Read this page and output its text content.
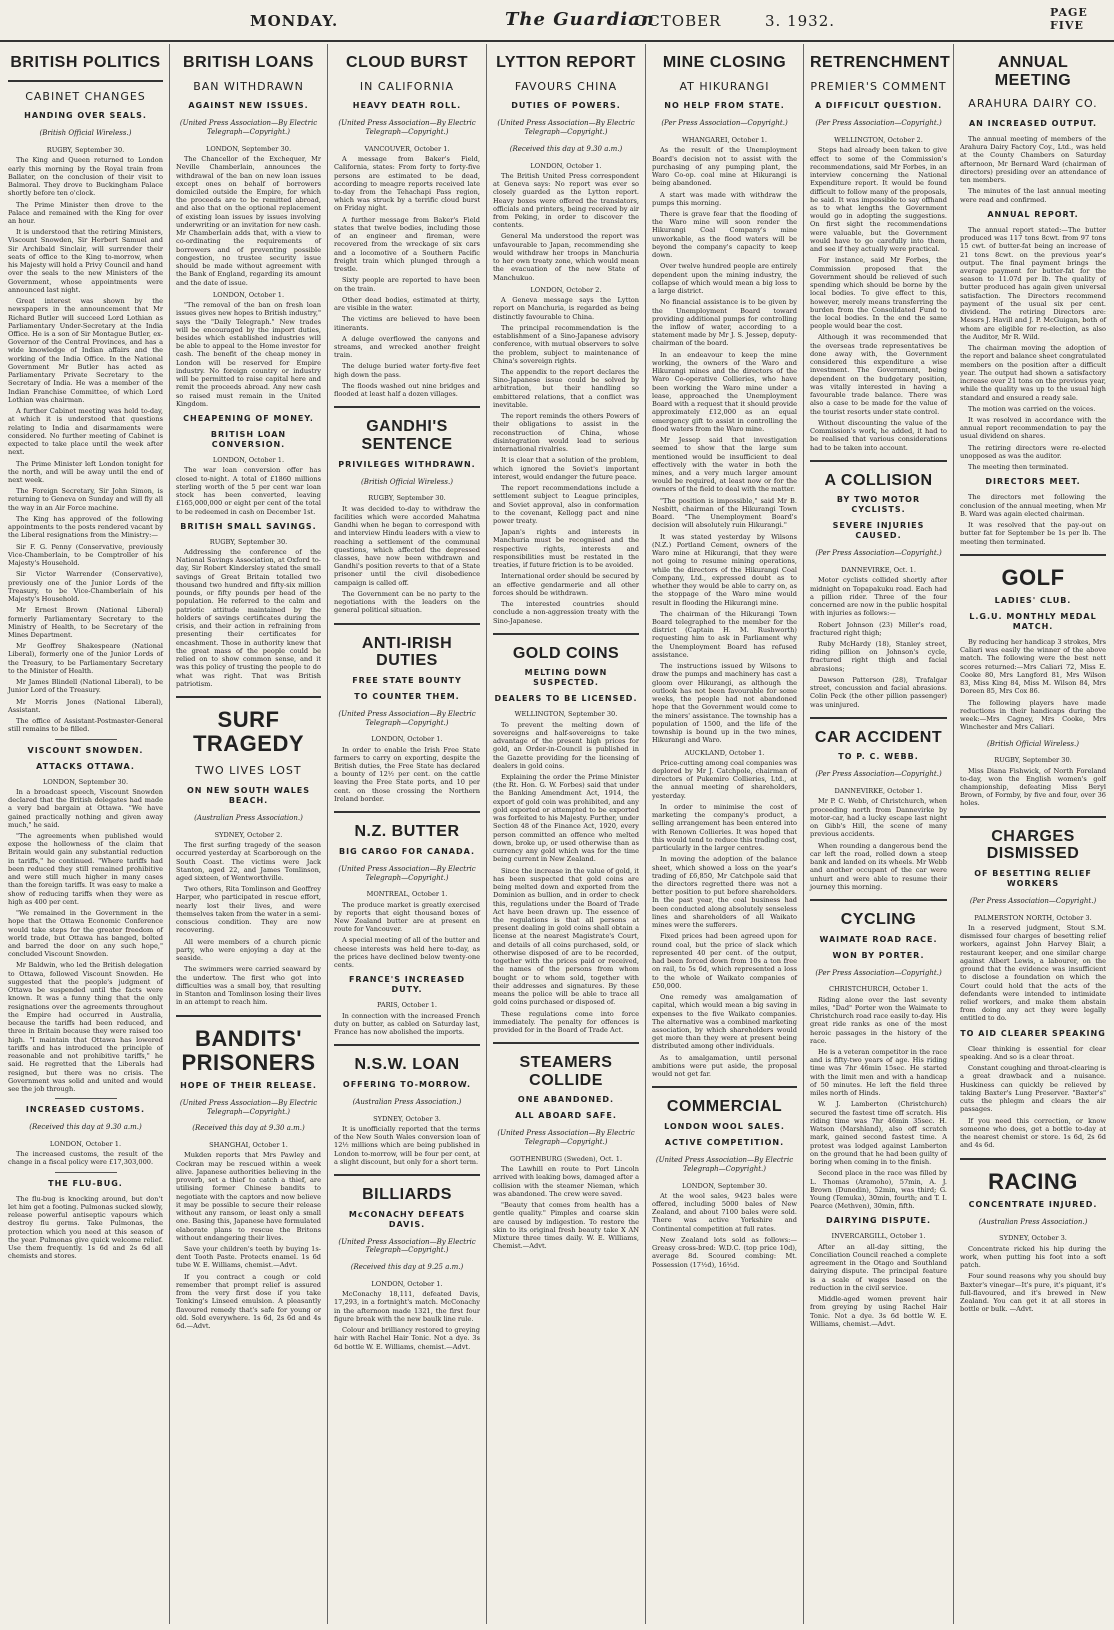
MONDAY.	The Guardian
OCTOBER	3. 1932.	PAGE FIVE
BRITISH POLITICS
CABINET CHANGES
HANDING OVER SEALS.
(British Official Wireless.)
RUGBY, September 30.

The King and Queen returned to London early this morning by the Royal train from Ballater, on the conclusion of their visit to Balmoral. They drove to Buckingham Palace shortly before ten o'clock.

The Prime Minister then drove to the Palace and remained with the King for over an hour.

It is understood that the retiring Ministers, Viscount Snowden, Sir Herbert Samuel and Sir Archibald Sinclair, will surrender their seats of office to the King to-morrow, when his Majesty will hold a Privy Council and hand over the seals to the new Ministers of the Government, whose appointments were announced last night.

Great interest was shown by the newspapers in the announcement that Mr Richard Butler will succeed Lord Lothian as Parliamentary Under-Secretary at the India Office. He is a son of Sir Montague Butler, ex-Governor of the Central Provinces, and has a wide knowledge of Indian affairs and the working of the India Office. In the National Government Mr Butler has acted as Parliamentary Private Secretary to the Secretary of India. He was a member of the Indian Franchise Committee, of which Lord Lothian was chairman.

A further Cabinet meeting was held to-day, at which it is understood that questions relating to India and disarmaments were considered. No further meeting of Cabinet is expected to take place until the week after next.

The Prime Minister left London tonight for the north, and will be away until the end of next week.

The Foreign Secretary, Sir John Simon, is returning to Geneva on Sunday and will fly all the way in an Air Force machine.

The King has approved of the following appointments to the posts rendered vacant by the Liberal resignations from the Ministry:—

Sir F. G. Penny (Conservative, previously Vice-Chamberlain, to be Comptroller of his Majesty's Household.

Sir Victor Warrender (Conservative), previously one of the Junior Lords of the Treasury, to be Vice-Chamberlain of his Majesty's Household.

Mr Ernest Brown (National Liberal) formerly Parliamentary Secretary to the Ministry of Health, to be Secretary of the Mines Department.

Mr Geoffrey Shakespeare (National Liberal), formerly one of the Junior Lords of the Treasury, to be Parliamentary Secretary to the Minister of Health.

Mr James Blindell (National Liberal), to be Junior Lord of the Treasury.

Mr Morris Jones (National Liberal), Assistant.

The office of Assistant-Postmaster-General still remains to be filled.

VISCOUNT SNOWDEN.
ATTACKS OTTAWA.
LONDON, September 30.

In a broadcast speech, Viscount Snowden declared that the British delegates had made a very bad bargain at Ottawa. "We have gained practically nothing and given away much," he said.

"The agreements when published would expose the hollowness of the claim that Britain would gain any substantial reduction in tariffs," he continued. "Where tariffs had been reduced they still remained prohibitive and were still much higher in many cases than the foreign tariffs. It was easy to make a show of reducing tariffs when they were as high as 400 per cent.

"We remained in the Government in the hope that the Ottawa Economic Conference would take steps for the greater freedom of world trade, but Ottawa has banged, bolted and barred the door on any such hope," concluded Viscount Snowden.

Mr Baldwin, who led the British delegation to Ottawa, followed Viscount Snowden. He suggested that the people's judgment of Ottawa be suspended until the facts were known. It was a funny thing that the only resignations over the agreements throughout the Empire had occurred in Australia, because the tariffs had been reduced, and three in Britain because they were raised too high. "I maintain that Ottawa has lowered tariffs and has introduced the principle of reasonable and not prohibitive tariffs," he said. He regretted that the Liberals had resigned, but there was no crisis. The Government was solid and united and would see the job through.

INCREASED CUSTOMS.
(Received this day at 9.30 a.m.)
LONDON, October 1.

The increased customs, the result of the change in a fiscal policy were £17,303,000.

THE FLU-BUG.

The flu-bug is knocking around, but don't let him get a footing. Pulmonas sucked slowly, release powerful antiseptic vapours which destroy flu germs. Take Pulmonas, the protection which you need at this season of the year. Pulmonas give quick welcome relief. Use them frequently. 1s 6d and 2s 6d all chemists and stores.

BRITISH LOANS
BAN WITHDRAWN
AGAINST NEW ISSUES.
(United Press Association—By Electric Telegraph—Copyright.)
LONDON, September 30.

The Chancellor of the Exchequer, Mr Neville Chamberlain, announces the withdrawal of the ban on new loan issues except ones on behalf of borrowers domiciled outside the Empire, for which the proceeds are to be remitted abroad, and also that on the optional replacement of existing loan issues by issues involving underwriting or an invitation for new cash. Mr Chamberlain adds that, with a view to co-ordinating the requirements of borrowers and of preventing possible congestion, no trustee security issue should be made without agreement with the Bank of England, regarding its amount and the date of issue.

LONDON, October 1.

"The removal of the ban on fresh loan issues gives new hopes to British industry," says the "Daily Telegraph." New trades will be encouraged by the import duties, besides which established industries will be able to appeal to the Home investor for cash. The benefit of the cheap money in London will be reserved for Empire industry. No foreign country or industry will be permitted to raise capital here and remit the proceeds abroad. Any new cash so raised must remain in the United Kingdom.

CHEAPENING OF MONEY.
BRITISH LOAN CONVERSION.
LONDON, October 1.

The war loan conversion offer has closed to-night. A total of £1860 millions sterling worth of the 5 per cent war loan stock has been converted, leaving £165,000,000 or eight per cent of the total to be redeemed in cash on December 1st.

BRITISH SMALL SAVINGS.
RUGBY, September 30.

Addressing the conference of the National Savings Association, at Oxford to-day, Sir Robert Kindersley stated the small savings of Great Britain totalled two thousand two hundred and fifty-six million pounds, or fifty pounds per head of the population. He referred to the calm and patriotic attitude maintained by the holders of savings certificates during the crisis, and their action in refraining from presenting their certificates for encashment. Those in authority knew that the great mass of the people could be relied on to show common sense, and it was this policy of trusting the people to do what was right. That was British patriotism.

SURF TRAGEDY
TWO LIVES LOST
ON NEW SOUTH WALES BEACH.
(Australian Press Association.)
SYDNEY, October 2.

The first surfing tragedy of the season occurred yesterday at Scarborough on the South Coast. The victims were Jack Stanton, aged 22, and James Tomlinson, aged sixteen, of Wentworthville.

Two others, Rita Tomlinson and Geoffrey Harper, who participated in rescue effort, nearly lost their lives, and were themselves taken from the water in a semi-conscious condition. They are now recovering.

All were members of a church picnic party, who were enjoying a day at the seaside.

The swimmers were carried seaward by the undertow. The first who got into difficulties was a small boy, that resulting in Stanton and Tomlinson losing their lives in an attempt to reach him.

BANDITS' PRISONERS
HOPE OF THEIR RELEASE.
(United Press Association—By Electric Telegraph—Copyright.)
(Received this day at 9.30 a.m.)
SHANGHAI, October 1.

Mukden reports that Mrs Pawley and Cockran may be rescued within a week alive. Japanese authorities believing in the proverb, set a thief to catch a thief, are utilising former Chinese bandits to negotiate with the captors and now believe it may be possible to secure their release without any ransom, or least only a small one. Basing this, Japanese have formulated elaborate plans to rescue the Britons without endangering their lives.

Save your children's teeth by buying 1s-dent Tooth Paste. Protects enamel. 1s 6d tube W. E. Williams, chemist.—Advt.

If you contract a cough or cold remember that prompt relief is assured from the very first dose if you take Tonking's Linseed emulsion. A pleasantly flavoured remedy that's safe for young or old. Sold everywhere. 1s 6d, 2s 6d and 4s 6d.—Advt.

CLOUD BURST
IN CALIFORNIA
HEAVY DEATH ROLL.
(United Press Association—By Electric Telegraph—Copyright.)
VANCOUVER, October 1.

A message from Baker's Field, California, states: From forty to forty-five persons are estimated to be dead, according to meagre reports received late to-day from the Tehachapi Pass region, which was struck by a terrific cloud burst on Friday night.

A further message from Baker's Field states that twelve bodies, including those of an engineer and fireman, were recovered from the wreckage of six cars and a locomotive of a Southern Pacific freight train which plunged through a trestle.

Sixty people are reported to have been on the train.

Other dead bodies, estimated at thirty, are visible in the water.

The victims are believed to have been itinerants.

A deluge overflowed the canyons and streams, and wrecked another freight train.

The deluge buried water forty-five feet high down the pass.

The floods washed out nine bridges and flooded at least half a dozen villages.

GANDHI'S SENTENCE
PRIVILEGES WITHDRAWN.
(British Official Wireless.)
RUGBY, September 30.

It was decided to-day to withdraw the facilities which were accorded Mahatma Gandhi when he began to correspond with and interview Hindu leaders with a view to reaching a settlement of the communal questions, which affected the depressed classes, have now been withdrawn and Gandhi's position reverts to that of a State prisoner until the civil disobedience campaign is called off.

The Government can be no party to the negotiations with the leaders on the general political situation.

ANTI-IRISH DUTIES
FREE STATE BOUNTY
TO COUNTER THEM.
(United Press Association—By Electric Telegraph—Copyright.)
LONDON, October 1.

In order to enable the Irish Free State farmers to carry on exporting, despite the British duties, the Free State has declared a bounty of 12½ per cent. on the cattle leaving the Free State ports, and 10 per cent. on those crossing the Northern Ireland border.

N.Z. BUTTER
BIG CARGO FOR CANADA.
(United Press Association—By Electric Telegraph—Copyright.)
MONTREAL, October 1.

The produce market is greatly exercised by reports that eight thousand boxes of New Zealand butter are at present en route for Vancouver.

A special meeting of all of the butter and cheese interests was held here to-day, as the prices have declined below twenty-one cents.

FRANCE'S INCREASED DUTY.
PARIS, October 1.

In connection with the increased French duty on butter, as cabled on Saturday last, France has now abolished the imports.

N.S.W. LOAN
OFFERING TO-MORROW.
(Australian Press Association.)
SYDNEY, October 3.

It is unofficially reported that the terms of the New South Wales conversion loan of 12½ millions which are being published in London to-morrow, will be four per cent, at a slight discount, but only for a short term.

BILLIARDS
McCONACHY DEFEATS DAVIS.
(United Press Association—By Electric Telegraph—Copyright.)
(Received this day at 9.25 a.m.)
LONDON, October 1.

McConachy 18,111, defeated Davis, 17,293, in a fortnight's match. McConachy in the afternoon made 1321, the first four figure break with the new baulk line rule.

Colour and brilliancy restored to greying hair with Rachel Hair Tonic. Not a dye. 3s 6d bottle W. E. Williams, chemist.—Advt.

LYTTON REPORT
FAVOURS CHINA
DUTIES OF POWERS.
(United Press Association—By Electric Telegraph—Copyright.)
(Received this day at 9.30 a.m.)
LONDON, October 1.

The British United Press correspondent at Geneva says: No report was ever so closely guarded as the Lytton report. Heavy boxes were offered the translators, officials and printers, being received by air from Peking, in order to discover the contents.

General Ma understood the report was unfavourable to Japan, recommending she would withdraw her troops in Manchuria to her own treaty zone, which would mean the evacuation of the new State of Manchukuo.

LONDON, October 2.

A Geneva message says the Lytton report on Manchuria, is regarded as being distinctly favourable to China.

The principal recommendation is the establishment of a Sino-Japanese advisory conference, with mutual observers to solve the problem, subject to maintenance of China's sovereign rights.

The appendix to the report declares the Sino-Japanese issue could be solved by arbitration, but their handling so embittered relations, that a conflict was inevitable.

The report reminds the others Powers of their obligations to assist in the reconstruction of China, whose disintegration would lead to serious international rivalries.

It is clear that a solution of the problem, which ignored the Soviet's important interest, would endanger the future peace.

The report recommendations include a settlement subject to League principles, and Soviet approval, also in conformation to the covenant, Kellogg pact and nine power treaty.

Japan's rights and interests in Manchuria must be recognised and the respective rights, interests and responsibilities must be restated in the treaties, if future friction is to be avoided.

International order should be secured by an effective gendarmerie and all other forces should be withdrawn.

The interested countries should conclude a non-aggression treaty with the Sino-Japanese.

GOLD COINS
MELTING DOWN SUSPECTED.
DEALERS TO BE LICENSED.
WELLINGTON, September 30.

To prevent the melting down of sovereigns and half-sovereigns to take advantage of the present high prices for gold, an Order-in-Council is published in the Gazette providing for the licensing of dealers in gold coins.

Explaining the order the Prime Minister (the Rt. Hon. G. W. Forbes) said that under the Banking Amendment Act, 1914, the export of gold coin was prohibited, and any gold exported or attempted to be exported was forfeited to his Majesty. Further, under Section 48 of the Finance Act, 1920, every person committed an offence who melted down, broke up, or used otherwise than as currency any gold which was for the time being current in New Zealand.

Since the increase in the value of gold, it has been suspected that gold coins are being melted down and exported from the Dominion as bullion, and in order to check this, regulations under the Board of Trade Act have been drawn up. The essence of the regulations is that all persons at present dealing in gold coins shall obtain a license at the nearest Magistrate's Court, and details of all coins purchased, sold, or otherwise disposed of are to be recorded, together with the prices paid or received, the names of the persons from whom bought or to whom sold, together with their addresses and signatures. By these means the police will be able to trace all gold coins purchased or disposed of.

These regulations come into force immediately. The penalty for offences is provided for in the Board of Trade Act.

STEAMERS COLLIDE
ONE ABANDONED.
ALL ABOARD SAFE.
(United Press Association—By Electric Telegraph—Copyright.)
GOTHENBURG (Sweden), Oct. 1.

The Lawhill en route to Port Lincoln arrived with leaking bows, damaged after a collision with the steamer Nieman, which was abandoned. The crew were saved.

"Beauty that comes from health has a gentle quality." Pimples and coarse skin are caused by indigestion. To restore the skin to its original fresh beauty take X AN Mixture three times daily. W. E. Williams, Chemist.—Advt.

MINE CLOSING
AT HIKURANGI
NO HELP FROM STATE.
(Per Press Association—Copyright.)
WHANGAREI, October 1.

As the result of the Unemployment Board's decision not to assist with the purchasing of any pumping plant, the Waro Co-op. coal mine at Hikurangi is being abandoned.

A start was made with withdraw the pumps this morning.

There is grave fear that the flooding of the Waro mine will soon render the Hikurangi Coal Company's mine unworkable, as the flood waters will be beyond the company's capacity to keep down.

Over twelve hundred people are entirely dependent upon the mining industry, the collapse of which would mean a big loss to a large district.

No financial assistance is to be given by the Unemployment Board toward providing additional pumps for controlling the inflow of water, according to a statement made by Mr J. S. Jessep, deputy-chairman of the board.

In an endeavour to keep the mine working, the owners of the Waro and Hikurangi mines and the directors of the Waro Co-operative Collieries, who have been working the Waro mine under a lease, approached the Unemployment Board with a request that it should provide approximately £12,000 as an equal emergency gift to assist in controlling the flood waters from the Waro mine.

Mr Jessep said that investigation seemed to show that the large sum mentioned would be insufficient to deal effectively with the water in both the mines, and a very much larger amount would be required, at least now or for the owners of the field to deal with the matter.

"The position is impossible," said Mr B. Nesbitt, chairman of the Hikurangi Town Board. "The Unemployment Board's decision will absolutely ruin Hikurangi."

It was stated yesterday by Wilsons (N.Z.) Portland Cement, owners of the Waro mine at Hikurangi, that they were not going to resume mining operations, while the directors of the Hikurangi Coal Company, Ltd., expressed doubt as to whether they would be able to carry on, as the stoppage of the Waro mine would result in flooding the Hikurangi mine.

The chairman of the Hikurangi Town Board telegraphed to the member for the district (Captain H. M. Rushworth) requesting him to ask in Parliament why the Unemployment Board has refused assistance.

The instructions issued by Wilsons to draw the pumps and machinery has cast a gloom over Hikurangi, as although the outlook has not been favourable for some weeks, the people had not abandoned hope that the Government would come to the miners' assistance. The township has a population of 1500, and the life of the township is bound up in the two mines, Hikurangi and Waro.

AUCKLAND, October 1.

Price-cutting among coal companies was deplored by Mr J. Catchpole, chairman of directors of Pukemiro Collieries, Ltd., at the annual meeting of shareholders, yesterday.

In order to minimise the cost of marketing the company's product, a selling arrangement has been entered into with Renown Collieries. It was hoped that this would tend to reduce this trading cost, particularly in the larger centres.

In moving the adoption of the balance sheet, which showed a loss on the year's trading of £6,850, Mr Catchpole said that the directors regretted there was not a better position to put before shareholders. In the past year, the coal business had been conducted along absolutely senseless lines and shareholders of all Waikato mines were the sufferers.

Fixed prices had been agreed upon for round coal, but the price of slack which represented 40 per cent. of the output, had been forced down from 10s a ton free on rail, to 5s 6d, which represented a loss to the whole of Waikato companies of £50,000.

One remedy was amalgamation of capital, which would mean a big saving in expenses to the five Waikato companies. The alternative was a combined marketing association, by which shareholders would get more than they were at present being distributed among other individuals.

As to amalgamation, until personal ambitions were put aside, the proposal would not get far.

COMMERCIAL
LONDON WOOL SALES.
ACTIVE COMPETITION.
(United Press Association—By Electric Telegraph—Copyright.)
LONDON, September 30.

At the wool sales, 9423 bales were offered, including 5000 bales of New Zealand, and about 7100 bales were sold. There was active Yorkshire and Continental competition at full rates.

New Zealand lots sold as follows:—Greasy cross-bred: W.D.C. (top price 10d), average 8d. Scoured combing: Mt. Possession (17½d), 16½d.

RETRENCHMENT
PREMIER'S COMMENT
A DIFFICULT QUESTION.
(Per Press Association—Copyright.)
WELLINGTON, October 2.

Steps had already been taken to give effect to some of the Commission's recommendations, said Mr Forbes, in an interview concerning the National Expenditure report. It would be found difficult to follow many of the proposals, he said. It was impossible to say offhand as to what lengths the Government would go in adopting the suggestions. On first sight the recommendations were valuable, but the Government would have to go carefully into them, and see if they actually were practical.

For instance, said Mr Forbes, the Commission proposed that the Government should be relieved of such spending which should be borne by the local bodies. To give effect to this, however, merely means transferring the burden from the Consolidated Fund to the local bodies. In the end the same people would bear the cost.

Although it was recommended that the overseas trade representatives be done away with, the Government considered this expenditure a wise investment. The Government, being dependent on the budgetary position, was vitally interested in having a favourable trade balance. There was also a case to be made for the value of the tourist resorts under state control.

Without discounting the value of the Commission's work, he added, it had to be realised that various considerations had to be taken into account.

A COLLISION
BY TWO MOTOR CYCLISTS.
SEVERE INJURIES CAUSED.
(Per Press Association—Copyright.)
DANNEVIRKE, Oct. 1.

Motor cyclists collided shortly after midnight on Topapakuku road. Each had a pillion rider. Three of the four concerned are now in the public hospital with injuries as follows:—

Robert Johnson (23) Miller's road, fractured right thigh;

Ruby McHardy (18), Stanley street, riding pillion on Johnson's cycle, fractured right thigh and facial abrasions;

Dawson Patterson (28), Trafalgar street, concussion and facial abrasions. Colin Peck (the other pillion passenger) was uninjured.

CAR ACCIDENT
TO P. C. WEBB.
(Per Press Association—Copyright.)
DANNEVIRKE, October 1.

Mr P. C. Webb, of Christchurch, when proceeding north from Dannevirke by motor-car, had a lucky escape last night on Gibb's Hill, the scene of many previous accidents.

When rounding a dangerous bend the car left the road, rolled down a steep bank and landed on its wheels. Mr Webb and another occupant of the car were unhurt and were able to resume their journey this morning.

CYCLING
WAIMATE ROAD RACE.
WON BY PORTER.
(Per Press Association—Copyright.)
CHRISTCHURCH, October 1.

Riding alone over the last seventy miles, "Dad" Porter won the Waimate to Christchurch road race easily to-day. His great ride ranks as one of the most heroic passages in the history of the race.

He is a veteran competitor in the race and is fifty-two years of age. His riding time was 7hr 46min 15sec. He started with the limit men and with a handicap of 50 minutes. He left the field three miles north of Hinds.

W. J. Lamberton (Christchurch) secured the fastest time off scratch. His riding time was 7hr 46min 35sec. H. Watson (Marshland), also off scratch mark, gained second fastest time. A protest was lodged against Lamberton on the ground that he had been guilty of boring when coming in to the finish.

Second place in the race was filled by L. Thomas (Aramoho), 57min, A. J. Brown (Dunedin), 52min, was third; G. Young (Temuka), 30min, fourth; and T. I. Pearce (Methven), 30min, fifth.

DAIRYING DISPUTE.
INVERCARGILL, October 1.

After an all-day sitting, the Conciliation Council reached a complete agreement in the Otago and Southland dairying dispute. The principal feature is a scale of wages based on the reduction in the civil service.

Middle-aged women prevent hair from greying by using Rachel Hair Tonic. Not a dye. 3s 6d bottle W. E. Williams, chemist.—Advt.

ANNUAL MEETING
ARAHURA DAIRY CO.
AN INCREASED OUTPUT.

The annual meeting of members of the Arahura Dairy Factory Coy., Ltd., was held at the County Chambers on Saturday afternoon, Mr Bernard Ward (chairman of directors) presiding over an attendance of ten members.

The minutes of the last annual meeting were read and confirmed.

ANNUAL REPORT.

The annual report stated:—The butter produced was 117 tons 8cwt. from 97 tons 15 cwt. of butter-fat being an increase of 21 tons 8cwt. on the previous year's output. The final payment brings the average payment for butter-fat for the season to 11.07d per lb. The quality of butter produced has again given universal satisfaction. The Directors recommend payment of the usual six per cent. dividend. The retiring Directors are: Messrs J. Havill and J. P. McGuigan, both of whom are eligible for re-election, as also the Auditor, Mr R. Wild.

The chairman moving the adoption of the report and balance sheet congratulated members on the position after a difficult year. The output had shown a satisfactory increase over 21 tons on the previous year, while the quality was up to the usual high standard and ensured a ready sale.

The motion was carried on the voices.

It was resolved in accordance with the annual report recommendation to pay the usual dividend on shares.

The retiring directors were re-elected unopposed as was the auditor.

The meeting then terminated.

DIRECTORS MEET.

The directors met following the conclusion of the annual meeting, when Mr B. Ward was again elected chairman.

It was resolved that the pay-out on butter fat for September be 1s per lb. The meeting then terminated.

GOLF
LADIES' CLUB.
L.G.U. MONTHLY MEDAL MATCH.

By reducing her handicap 3 strokes, Mrs Caliari was easily the winner of the above match. The following were the best nett scores returned:—Mrs Caliari 72, Miss E. Cooke 80, Mrs Langford 81, Mrs Wilson 83, Miss King 84, Miss M. Wilson 84, Mrs Doreen 85, Mrs Cox 86.

The following players have made reductions in their handicaps during the week:—Mrs Cagney, Mrs Cooke, Mrs Winchester and Mrs Caliari.

(British Official Wireless.)
RUGBY, September 30.

Miss Diana Fishwick, of North Foreland to-day, won the English women's golf championship, defeating Miss Beryl Brown, of Formby, by five and four, over 36 holes.

CHARGES DISMISSED
OF BESETTING RELIEF WORKERS
(Per Press Association—Copyright.)
PALMERSTON NORTH, October 3.

In a reserved judgment, Stout S.M. dismissed four charges of besetting relief workers, against John Harvey Blair, a restaurant keeper, and one similar charge against Albert Lewis, a labourer, on the ground that the evidence was insufficient to disclose a foundation on which the Court could hold that the acts of the defendants were intended to intimidate relief workers, and make them abstain from doing any act they were legally entitled to do.

TO AID CLEARER SPEAKING

Clear thinking is essential for clear speaking. And so is a clear throat.

Constant coughing and throat-clearing is a great drawback and a nuisance. Huskiness can quickly be relieved by taking Baxter's Lung Preserver. "Baxter's" cuts the phlegm and clears the air passages.

If you need this correction, or know someone who does, get a bottle to-day at the nearest chemist or store. 1s 6d, 2s 6d and 4s 6d.

RACING
CONCENTRATE INJURED.
(Australian Press Association.)
SYDNEY, October 3.

Concentrate ricked his hip during the work, when putting his foot into a soft patch.

Four sound reasons why you should buy Baxter's vinegar—It's pure, it's piquant, it's full-flavoured, and it's brewed in New Zealand. You can get it at all stores in bottle or bulk. —Advt.
